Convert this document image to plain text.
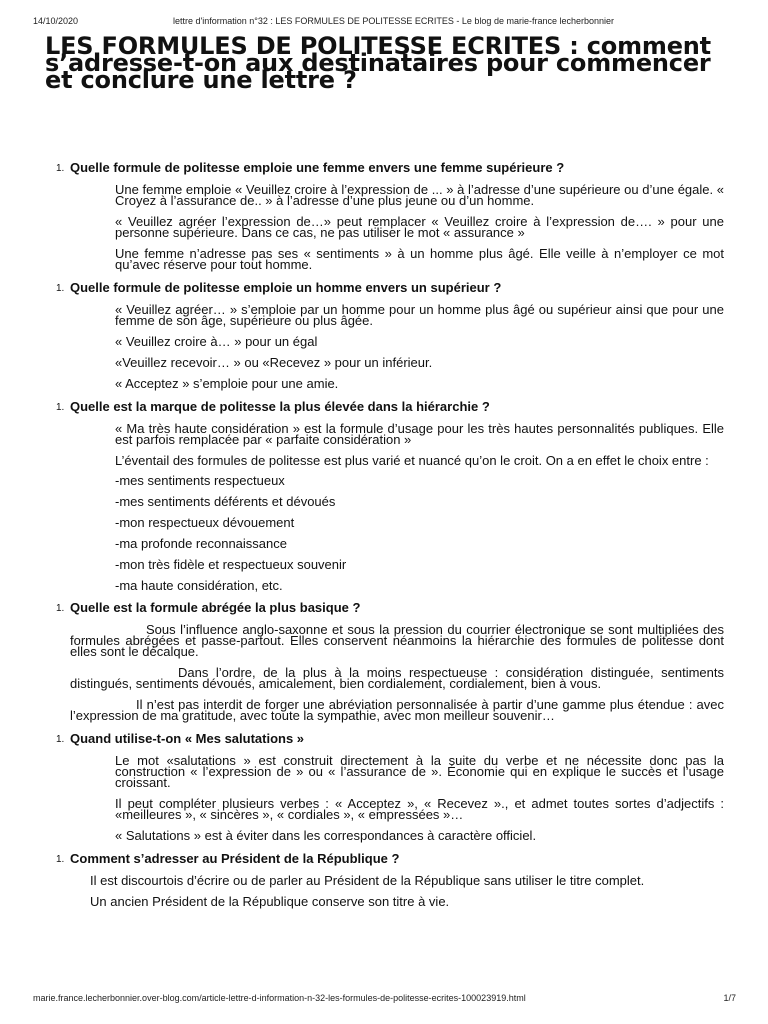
14/10/2020	lettre d'information n°32 : LES FORMULES DE POLITESSE ECRITES - Le blog de marie-france lecherbonnier
LES FORMULES DE POLITESSE ECRITES : comment s’adresse-t-on aux destinataires pour commencer et conclure une lettre ?
1. Quelle formule de politesse emploie une femme envers une femme supérieure ?
Une femme emploie « Veuillez croire à l’expression de ... » à l’adresse d’une supérieure ou d’une égale. « Croyez à l’assurance de.. » à l’adresse d’une plus jeune ou d’un homme.
« Veuillez agréer l’expression de…» peut remplacer « Veuillez croire à l’expression de…. » pour une personne supérieure. Dans ce cas, ne pas utiliser le mot « assurance »
Une femme n’adresse pas ses « sentiments » à un homme plus âgé. Elle veille à n’employer ce mot qu’avec réserve pour tout homme.
1. Quelle formule de politesse emploie un homme envers un supérieur ?
« Veuillez agréer… » s’emploie par un homme pour un homme plus âgé ou supérieur ainsi que pour une femme de son âge, supérieure ou plus âgée.
« Veuillez croire à… » pour un égal
«Veuillez recevoir… » ou «Recevez » pour un inférieur.
« Acceptez » s’emploie pour une amie.
1. Quelle est la marque de politesse la plus élevée dans la hiérarchie ?
« Ma très haute considération » est la formule d’usage pour les très hautes personnalités publiques. Elle est parfois remplacée par « parfaite considération »
L’éventail des formules de politesse est plus varié et nuancé qu’on le croit. On a en effet le choix entre :
-mes sentiments respectueux
-mes sentiments déférents et dévoués
-mon respectueux dévouement
-ma profonde reconnaissance
-mon très fidèle et respectueux souvenir
-ma haute considération, etc.
1. Quelle est la formule abrégée la plus basique ?
Sous l’influence anglo-saxonne et sous la pression du courrier électronique se sont multipliées des formules abrégées et passe-partout. Elles conservent néanmoins la hiérarchie des formules de politesse dont elles sont le décalque.
Dans l’ordre, de la plus à la moins respectueuse : considération distinguée, sentiments distingués, sentiments dévoués, amicalement, bien cordialement, cordialement, bien à vous.
Il n’est pas interdit de forger une abréviation personnalisée à partir d’une gamme plus étendue : avec l’expression de ma gratitude, avec toute la sympathie, avec mon meilleur souvenir…
1. Quand utilise-t-on « Mes salutations »
Le mot «salutations » est construit directement à la suite du verbe et ne nécessite donc pas la construction « l’expression de » ou « l’assurance de ». Économie qui en explique le succès et l’usage croissant.
Il peut compléter plusieurs verbes : « Acceptez », « Recevez »., et admet toutes sortes d’adjectifs : «meilleures », « sincères », « cordiales », « empressées »…
« Salutations » est à éviter dans les correspondances à caractère officiel.
1. Comment s’adresser au Président de la République ?
Il est discourtois d’écrire ou de parler au Président de la République sans utiliser le titre complet.
Un ancien Président de la République conserve son titre à vie.
marie.france.lecherbonnier.over-blog.com/article-lettre-d-information-n-32-les-formules-de-politesse-ecrites-100023919.html	1/7
